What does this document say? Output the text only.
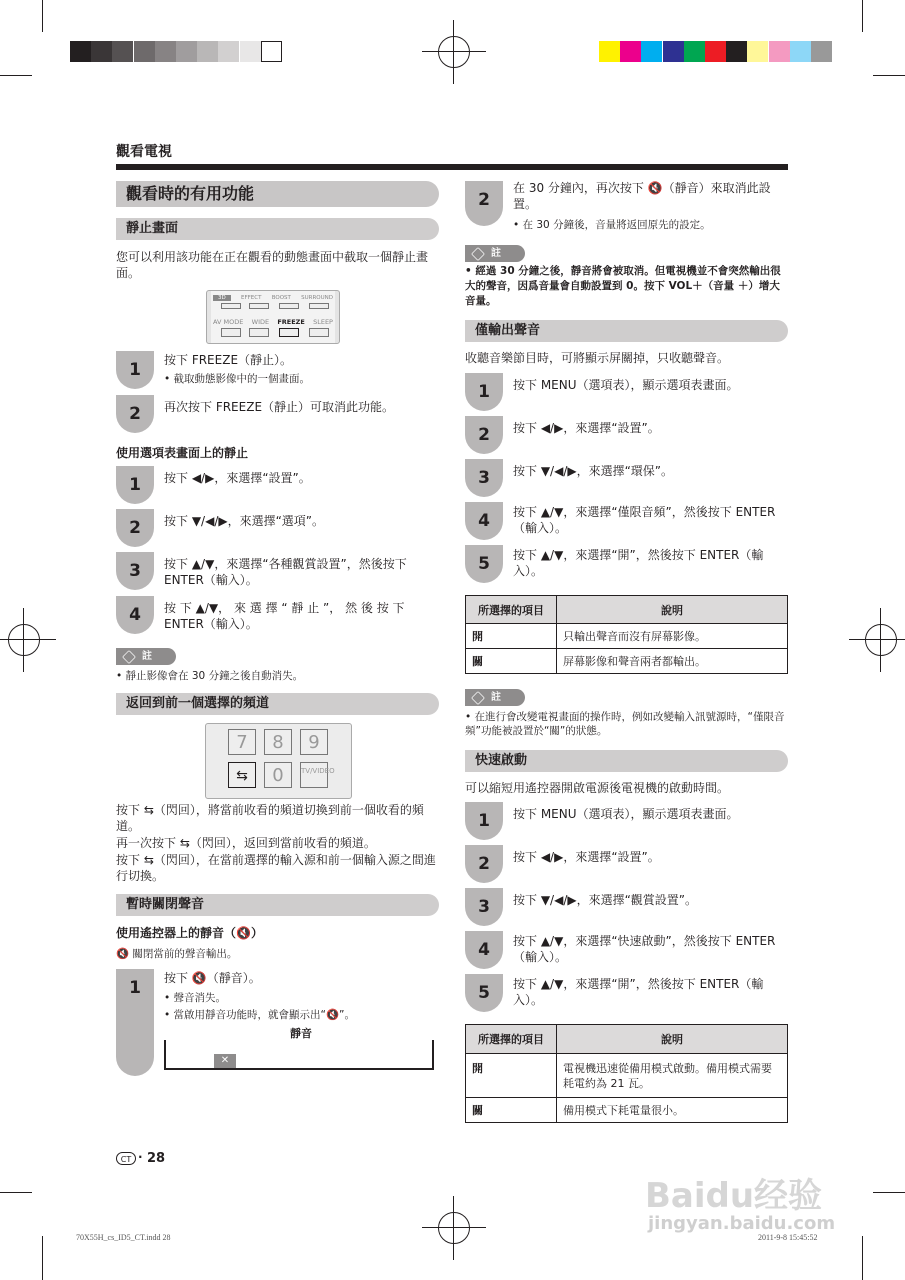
觀看電視
觀看時的有用功能
靜止畫面
您可以利用該功能在正在觀看的動態畫面中截取一個靜止畫面。
3D	EFFECT BOOST SURROUND
AV MODE WIDE FREEZE SLEEP
1	按下 FREEZE（靜止）。
• 截取動態影像中的一個畫面。
2	再次按下 FREEZE（靜止）可取消此功能。
使用選項表畫面上的靜止
1	按下 ◀/▶，來選擇“設置”。
2	按下 ▼/◀/▶，來選擇“選項”。
3	按下 ▲/▼，來選擇“各種觀賞設置”，然後按下 ENTER（輸入）。
4	按 下 ▲/▼， 來 選 擇 “ 靜 止 ”， 然 後 按 下 ENTER（輸入）。
註
• 靜止影像會在 30 分鐘之後自動消失。
返回到前一個選擇的頻道
7	8	9
⇆	0	TV/VIDEO
按下 ⇆（閃回），將當前收看的頻道切換到前一個收看的頻道。
再一次按下 ⇆（閃回），返回到當前收看的頻道。
按下 ⇆（閃回），在當前選擇的輸入源和前一個輸入源之間進行切換。
暫時關閉聲音
使用遙控器上的靜音（🔇）
🔇 關閉當前的聲音輸出。
1	按下 🔇（靜音）。
• 聲音消失。
• 當啟用靜音功能時，就會顯示出“🔇”。
靜音
✕
2
在 30 分鐘內，再次按下 🔇（靜音）來取消此設置。
• 在 30 分鐘後，音量將返回原先的設定。
註
• 經過 30 分鐘之後，靜音將會被取消。但電視機並不會突然輸出很大的聲音，因爲音量會自動設置到 0。按下 VOL＋（音量 ＋）增大音量。
僅輸出聲音
收聽音樂節目時，可將顯示屏關掉，只收聽聲音。
1	按下 MENU（選項表），顯示選項表畫面。
2	按下 ◀/▶，來選擇“設置”。
3	按下 ▼/◀/▶，來選擇“環保”。
4	按下 ▲/▼，來選擇“僅限音頻”，然後按下 ENTER（輸入）。
5	按下 ▲/▼，來選擇“開”，然後按下 ENTER（輸入）。
所選擇的項目	說明
開	只輸出聲音而沒有屏幕影像。
關	屏幕影像和聲音兩者都輸出。
註
• 在進行會改變電視畫面的操作時，例如改變輸入訊號源時，“僅限音頻”功能被設置於“關”的狀態。
快速啟動
可以縮短用遙控器開啟電源後電視機的啟動時間。
1	按下 MENU（選項表），顯示選項表畫面。
2	按下 ◀/▶，來選擇“設置”。
3	按下 ▼/◀/▶，來選擇“觀賞設置”。
4	按下 ▲/▼，來選擇“快速啟動”，然後按下 ENTER（輸入）。
5	按下 ▲/▼，來選擇“開”，然後按下 ENTER（輸入）。
所選擇的項目	說明
開	電視機迅速從備用模式啟動。備用模式需要耗電約為 21 瓦。
關	備用模式下耗電量很小。
CT · 28
70X55H_cs_ID5_CT.indd 28	2011-9-8 15:45:52
Baidu经验
jingyan.baidu.com
